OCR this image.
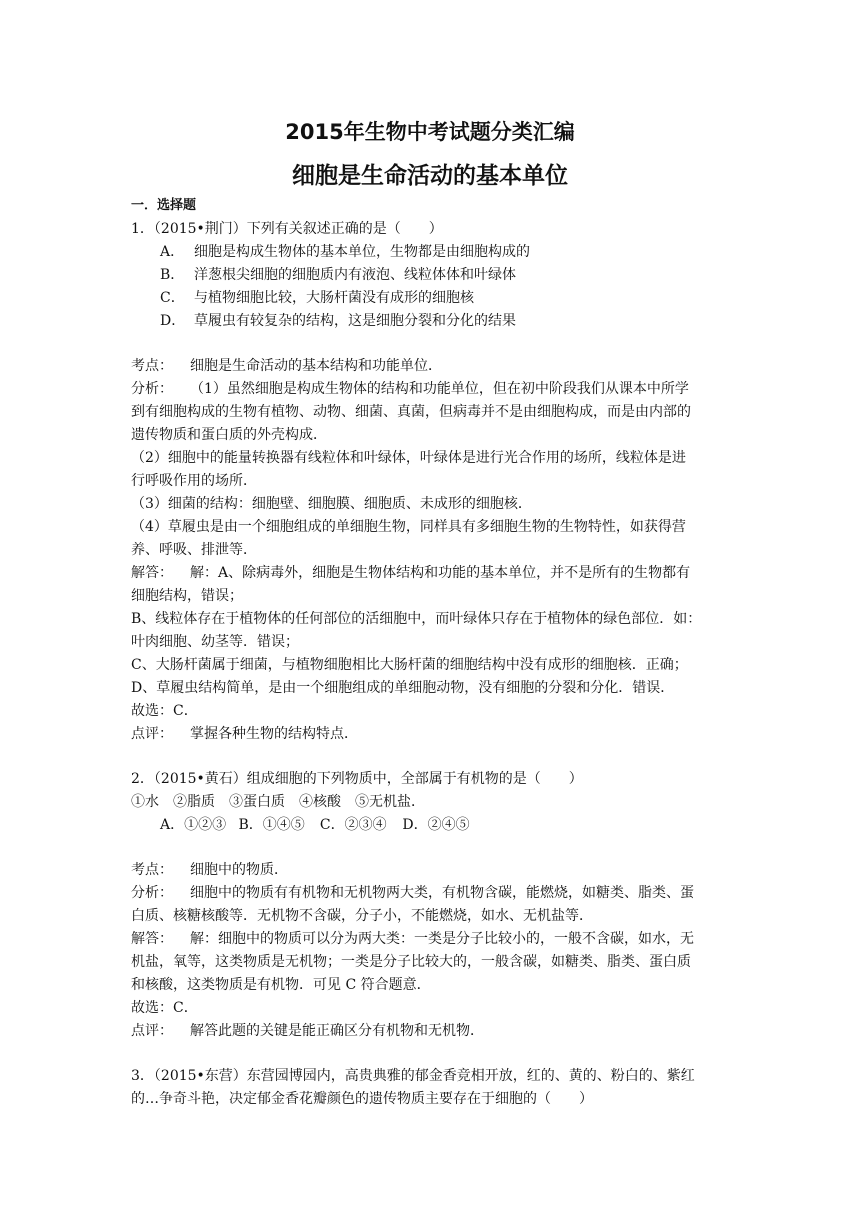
2015年生物中考试题分类汇编
细胞是生命活动的基本单位
一．选择题
1．（2015•荆门）下列有关叙述正确的是（　　）
A． 细胞是构成生物体的基本单位，生物都是由细胞构成的
B． 洋葱根尖细胞的细胞质内有液泡、线粒体体和叶绿体
C． 与植物细胞比较，大肠杆菌没有成形的细胞核
D． 草履虫有较复杂的结构，这是细胞分裂和分化的结果
考点： 细胞是生命活动的基本结构和功能单位．
分析： （1）虽然细胞是构成生物体的结构和功能单位，但在初中阶段我们从课本中所学
到有细胞构成的生物有植物、动物、细菌、真菌，但病毒并不是由细胞构成，而是由内部的
遗传物质和蛋白质的外壳构成．
（2）细胞中的能量转换器有线粒体和叶绿体，叶绿体是进行光合作用的场所，线粒体是进
行呼吸作用的场所．
（3）细菌的结构：细胞壁、细胞膜、细胞质、未成形的细胞核．
（4）草履虫是由一个细胞组成的单细胞生物，同样具有多细胞生物的生物特性，如获得营
养、呼吸、排泄等．
解答： 解：A、除病毒外，细胞是生物体结构和功能的基本单位，并不是所有的生物都有
细胞结构，错误；
B、线粒体存在于植物体的任何部位的活细胞中，而叶绿体只存在于植物体的绿色部位．如：
叶肉细胞、幼茎等．错误；
C、大肠杆菌属于细菌，与植物细胞相比大肠杆菌的细胞结构中没有成形的细胞核．正确；
D、草履虫结构简单，是由一个细胞组成的单细胞动物，没有细胞的分裂和分化．错误．
故选：C．
点评： 掌握各种生物的结构特点．
2．（2015•黄石）组成细胞的下列物质中，全部属于有机物的是（　　）
①水　②脂质　③蛋白质　④核酸　⑤无机盐．
A．①②③ B．①④⑤ C．②③④ D．②④⑤
考点： 细胞中的物质．
分析： 细胞中的物质有有机物和无机物两大类，有机物含碳，能燃烧，如糖类、脂类、蛋
白质、核糖核酸等．无机物不含碳，分子小，不能燃烧，如水、无机盐等．
解答： 解：细胞中的物质可以分为两大类：一类是分子比较小的，一般不含碳，如水，无
机盐，氧等，这类物质是无机物；一类是分子比较大的，一般含碳，如糖类、脂类、蛋白质
和核酸，这类物质是有机物．可见 C 符合题意．
故选：C．
点评： 解答此题的关键是能正确区分有机物和无机物．
3．（2015•东营）东营园博园内，高贵典雅的郁金香竞相开放，红的、黄的、粉白的、紫红
的…争奇斗艳，决定郁金香花瓣颜色的遗传物质主要存在于细胞的（　　）
